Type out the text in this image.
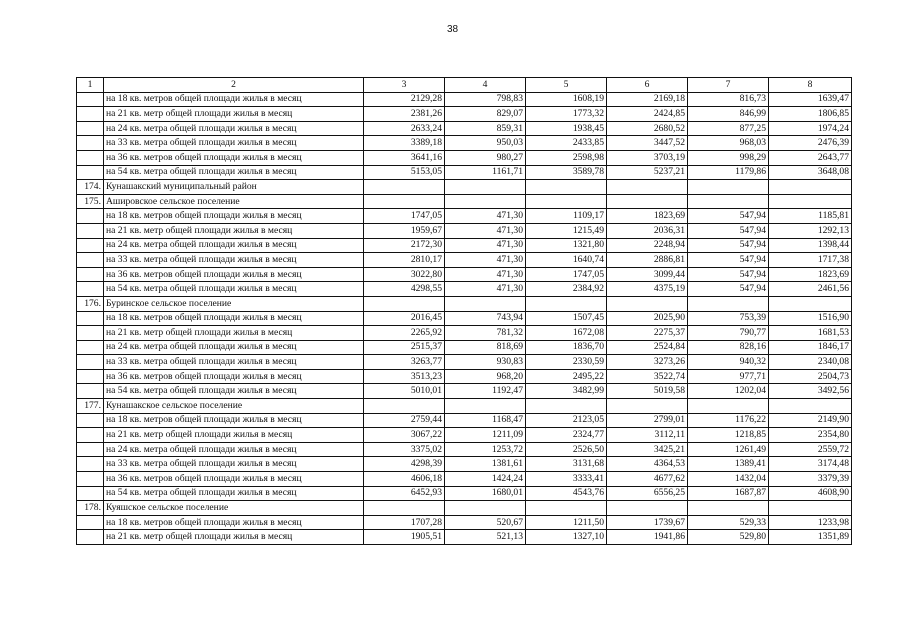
38
1	2	3	4	5	6	7	8
	на 18 кв. метров общей площади жилья в месяц	2129,28	798,83	1608,19	2169,18	816,73	1639,47
	на 21 кв. метр общей площади жилья в месяц	2381,26	829,07	1773,32	2424,85	846,99	1806,85
	на 24 кв. метра общей площади жилья в месяц	2633,24	859,31	1938,45	2680,52	877,25	1974,24
	на 33 кв. метра общей площади жилья в месяц	3389,18	950,03	2433,85	3447,52	968,03	2476,39
	на 36 кв. метров общей площади жилья в месяц	3641,16	980,27	2598,98	3703,19	998,29	2643,77
	на 54 кв. метра общей площади жилья в месяц	5153,05	1161,71	3589,78	5237,21	1179,86	3648,08
174.	Кунашакский муниципальный район						
175.	Ашировское сельское поселение						
	на 18 кв. метров общей площади жилья в месяц	1747,05	471,30	1109,17	1823,69	547,94	1185,81
	на 21 кв. метр общей площади жилья в месяц	1959,67	471,30	1215,49	2036,31	547,94	1292,13
	на 24 кв. метра общей площади жилья в месяц	2172,30	471,30	1321,80	2248,94	547,94	1398,44
	на 33 кв. метра общей площади жилья в месяц	2810,17	471,30	1640,74	2886,81	547,94	1717,38
	на 36 кв. метров общей площади жилья в месяц	3022,80	471,30	1747,05	3099,44	547,94	1823,69
	на 54 кв. метра общей площади жилья в месяц	4298,55	471,30	2384,92	4375,19	547,94	2461,56
176.	Буринское сельское поселение						
	на 18 кв. метров общей площади жилья в месяц	2016,45	743,94	1507,45	2025,90	753,39	1516,90
	на 21 кв. метр общей площади жилья в месяц	2265,92	781,32	1672,08	2275,37	790,77	1681,53
	на 24 кв. метра общей площади жилья в месяц	2515,37	818,69	1836,70	2524,84	828,16	1846,17
	на 33 кв. метра общей площади жилья в месяц	3263,77	930,83	2330,59	3273,26	940,32	2340,08
	на 36 кв. метров общей площади жилья в месяц	3513,23	968,20	2495,22	3522,74	977,71	2504,73
	на 54 кв. метра общей площади жилья в месяц	5010,01	1192,47	3482,99	5019,58	1202,04	3492,56
177.	Кунашакское сельское поселение						
	на 18 кв. метров общей площади жилья в месяц	2759,44	1168,47	2123,05	2799,01	1176,22	2149,90
	на 21 кв. метр общей площади жилья в месяц	3067,22	1211,09	2324,77	3112,11	1218,85	2354,80
	на 24 кв. метра общей площади жилья в месяц	3375,02	1253,72	2526,50	3425,21	1261,49	2559,72
	на 33 кв. метра общей площади жилья в месяц	4298,39	1381,61	3131,68	4364,53	1389,41	3174,48
	на 36 кв. метров общей площади жилья в месяц	4606,18	1424,24	3333,41	4677,62	1432,04	3379,39
	на 54 кв. метра общей площади жилья в месяц	6452,93	1680,01	4543,76	6556,25	1687,87	4608,90
178.	Куяшское сельское поселение						
	на 18 кв. метров общей площади жилья в месяц	1707,28	520,67	1211,50	1739,67	529,33	1233,98
	на 21 кв. метр общей площади жилья в месяц	1905,51	521,13	1327,10	1941,86	529,80	1351,89
